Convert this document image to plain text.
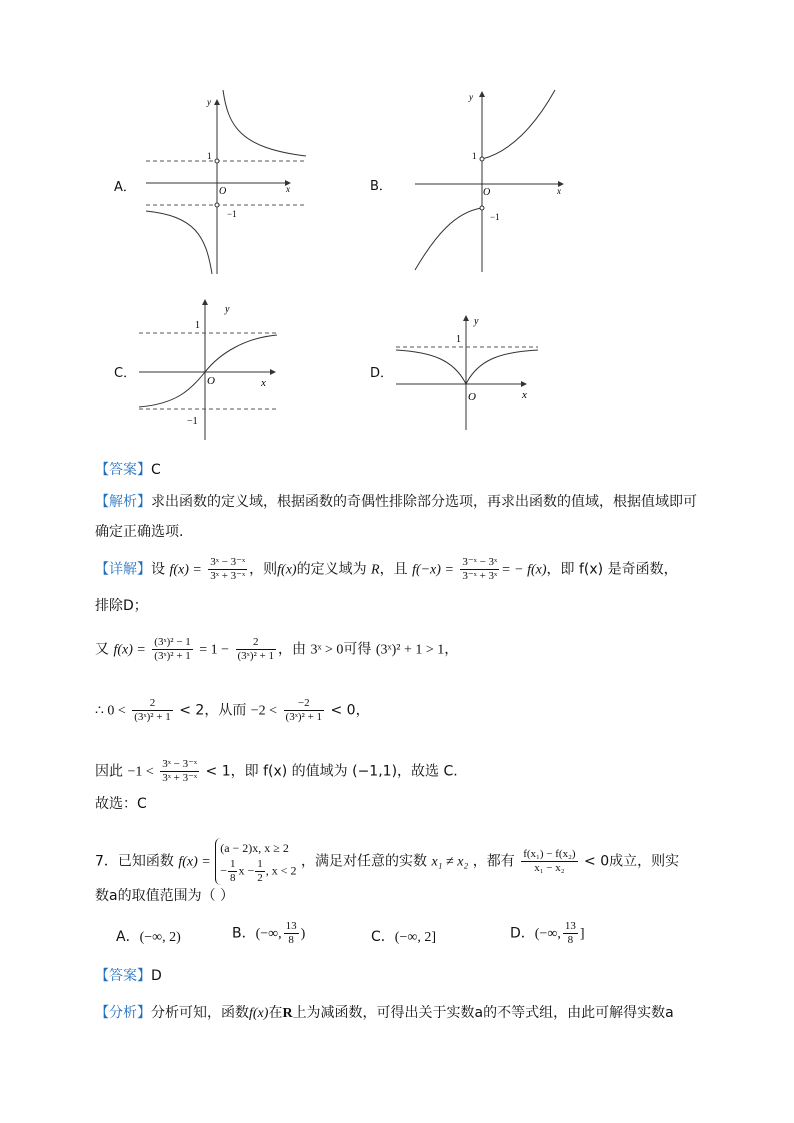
A．
y
x
O
1
−1
B．
y
x
O
1
−1
C．
y
x
O
1
−1
D．
y
x
O
1
【答案】C
【解析】求出函数的定义域，根据函数的奇偶性排除部分选项，再求出函数的值域，根据值域即可
确定正确选项.
【详解】设 $f(x) = \frac{\text{3ˣ − 3⁻ˣ}}{\text{3ˣ + 3⁻ˣ}}$ ，则f(x)的定义域为 R，且 $f(-x) = \frac{\text{3⁻ˣ − 3ˣ}}{\text{3⁻ˣ + 3ˣ}}$ = − f(x)，即 f(x) 是奇函数，
排除D；
又 $f(x) = \frac{\text{(3ˣ)² − 1}}{\text{(3ˣ)² + 1}} = 1 - \frac{2}{\text{(3ˣ)² + 1}}$ ，由 3ˣ > 0可得 (3ˣ)² + 1 > 1，
∴ $0 < \frac{2}{\text{(3ˣ)² + 1}} < 2$，从而 $-2 < \frac{-2}{\text{(3ˣ)² + 1}} < 0$，
因此 $-1 < \frac{\text{3ˣ − 3⁻ˣ}}{\text{3ˣ + 3⁻ˣ}} < 1$，即 f(x) 的值域为 (−1,1)，故选 C.
故选：C
7．已知函数 f(x) =
(a − 2)x, x ≥ 2
− $\frac{1}{8}$ $x - \frac{1}{2}$ , x < 2
，满足对任意的实数 x₁ ≠ x₂ ，都有 $\frac{\text{f(x₁) − f(x₂)}}{\text{x₁ − x₂}} < 0$成立，则实
数a的取值范围为（ ）
A．(−∞, 2)	B．(−∞, $\frac{13}{8}$ )	C．(−∞, 2]	D．(−∞, $\frac{13}{8}$ ]
【答案】D
【分析】分析可知，函数f(x)在R上为减函数，可得出关于实数a的不等式组，由此可解得实数a
